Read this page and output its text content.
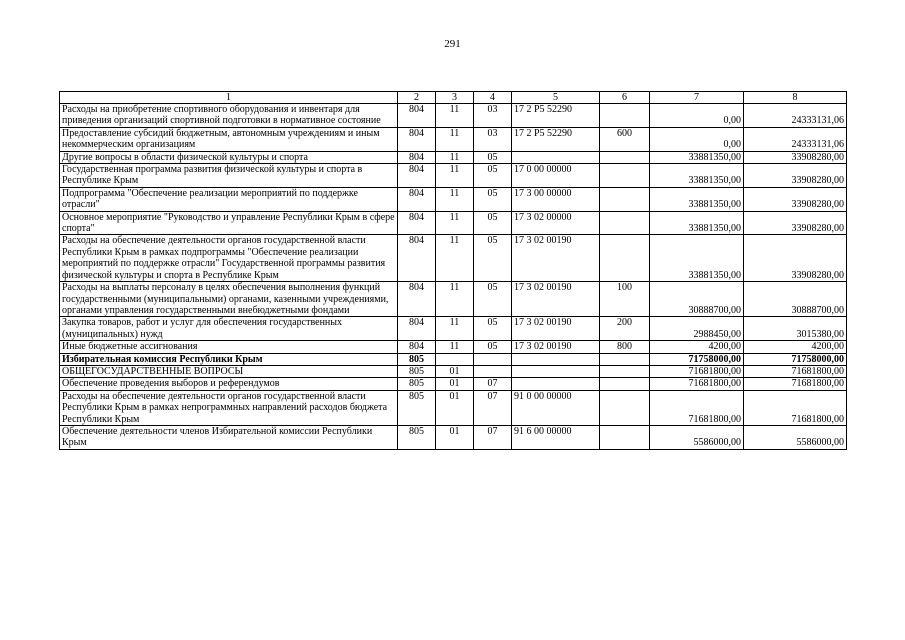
291
1	2	3	4	5	6	7	8
Расходы на приобретение спортивного оборудования и инвентаря для приведения организаций спортивной подготовки в нормативное состояние	804	11	03	17 2 P5 52290		0,00	24333131,06
Предоставление субсидий бюджетным, автономным учреждениям и иным некоммерческим организациям	804	11	03	17 2 P5 52290	600	0,00	24333131,06
Другие вопросы в области физической культуры и спорта	804	11	05			33881350,00	33908280,00
Государственная программа развития физической культуры и спорта в Республике Крым	804	11	05	17 0 00 00000		33881350,00	33908280,00
Подпрограмма "Обеспечение реализации мероприятий по поддержке отрасли"	804	11	05	17 3 00 00000		33881350,00	33908280,00
Основное мероприятие "Руководство и управление Республики Крым в сфере спорта"	804	11	05	17 3 02 00000		33881350,00	33908280,00
Расходы на обеспечение деятельности органов государственной власти Республики Крым в рамках подпрограммы "Обеспечение реализации мероприятий по поддержке отрасли" Государственной программы развития физической культуры и спорта в Республике Крым	804	11	05	17 3 02 00190		33881350,00	33908280,00
Расходы на выплаты персоналу в целях обеспечения выполнения функций государственными (муниципальными) органами, казенными учреждениями, органами управления государственными внебюджетными фондами	804	11	05	17 3 02 00190	100	30888700,00	30888700,00
Закупка товаров, работ и услуг для обеспечения государственных (муниципальных) нужд	804	11	05	17 3 02 00190	200	2988450,00	3015380,00
Иные бюджетные ассигнования	804	11	05	17 3 02 00190	800	4200,00	4200,00
Избирательная комиссия Республики Крым	805					71758000,00	71758000,00
ОБЩЕГОСУДАРСТВЕННЫЕ ВОПРОСЫ	805	01				71681800,00	71681800,00
Обеспечение проведения выборов и референдумов	805	01	07			71681800,00	71681800,00
Расходы на обеспечение деятельности органов государственной власти Республики Крым в рамках непрограммных направлений расходов бюджета Республики Крым	805	01	07	91 0 00 00000		71681800,00	71681800,00
Обеспечение деятельности членов Избирательной комиссии Республики Крым	805	01	07	91 6 00 00000		5586000,00	5586000,00
